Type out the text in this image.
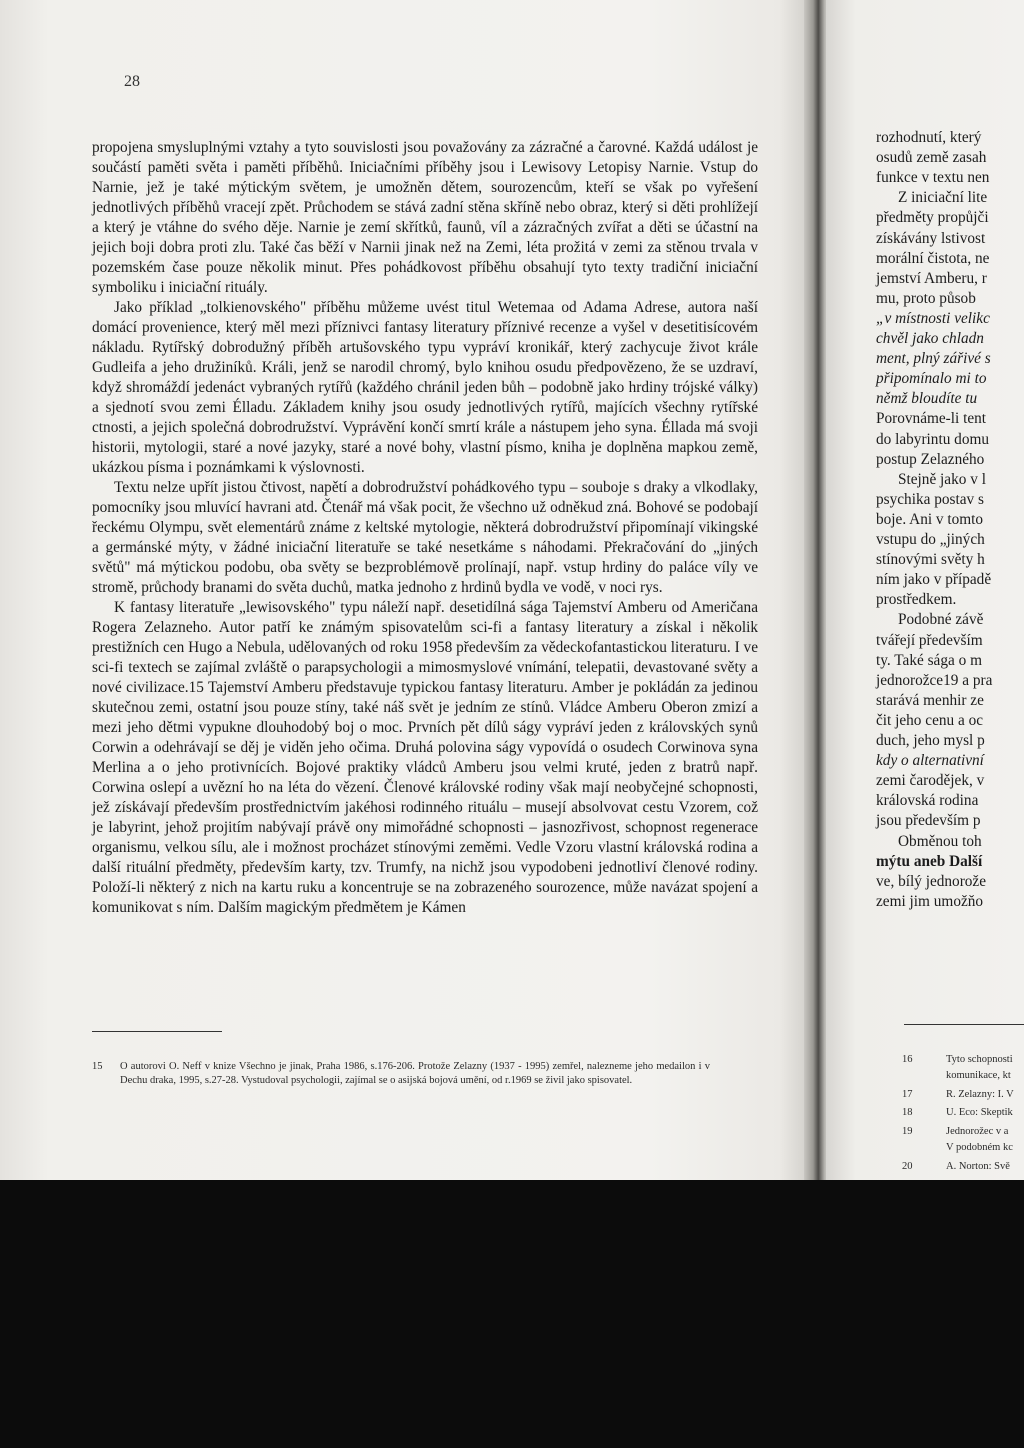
28

propojena smysluplnými vztahy a tyto souvislosti jsou považovány za zázračné a čarovné. Každá událost je součástí paměti světa i paměti příběhů. Iniciačními příběhy jsou i Lewisovy Letopisy Narnie. Vstup do Narnie, jež je také mýtickým světem, je umožněn dětem, sourozencům, kteří se však po vyřešení jednotlivých příběhů vracejí zpět. Průchodem se stává zadní stěna skříně nebo obraz, který si děti prohlížejí a který je vtáhne do svého děje. Narnie je zemí skřítků, faunů, víl a zázračných zvířat a děti se účastní na jejich boji dobra proti zlu. Také čas běží v Narnii jinak než na Zemi, léta prožitá v zemi za stěnou trvala v pozemském čase pouze několik minut. Přes pohádkovost příběhu obsahují tyto texty tradiční iniciační symboliku i iniciační rituály.

Jako příklad „tolkienovského" příběhu můžeme uvést titul Wetemaa od Adama Adrese, autora naší domácí provenience, který měl mezi příznivci fantasy literatury příznivé recenze a vyšel v desetitisícovém nákladu. Rytířský dobrodužný příběh artušovského typu vypráví kronikář, který zachycuje život krále Gudleifa a jeho družiníků. Králi, jenž se narodil chromý, bylo knihou osudu předpovězeno, že se uzdraví, když shromáždí jedenáct vybraných rytířů (každého chránil jeden bůh – podobně jako hrdiny trójské války) a sjednotí svou zemi Élladu. Základem knihy jsou osudy jednotlivých rytířů, majících všechny rytířské ctnosti, a jejich společná dobrodružství. Vyprávění končí smrtí krále a nástupem jeho syna. Éllada má svoji historii, mytologii, staré a nové jazyky, staré a nové bohy, vlastní písmo, kniha je doplněna mapkou země, ukázkou písma i poznámkami k výslovnosti.

Textu nelze upřít jistou čtivost, napětí a dobrodružství pohádkového typu – souboje s draky a vlkodlaky, pomocníky jsou mluvící havrani atd. Čtenář má však pocit, že všechno už odněkud zná. Bohové se podobají řeckému Olympu, svět elementárů známe z keltské mytologie, některá dobrodružství připomínají vikingské a germánské mýty, v žádné iniciační literatuře se také nesetkáme s náhodami. Překračování do „jiných světů" má mýtickou podobu, oba světy se bezproblémově prolínají, např. vstup hrdiny do paláce víly ve stromě, průchody branami do světa duchů, matka jednoho z hrdinů bydla ve vodě, v noci rys.

K fantasy literatuře „lewisovského" typu náleží např. desetidílná sága Tajemství Amberu od Američana Rogera Zelazneho. Autor patří ke známým spisovatelům sci-fi a fantasy literatury a získal i několik prestižních cen Hugo a Nebula, udělovaných od roku 1958 především za vědeckofantastickou literaturu. I ve sci-fi textech se zajímal zvláště o parapsychologii a mimosmyslové vnímání, telepatii, devastované světy a nové civilizace.15 Tajemství Amberu představuje typickou fantasy literaturu. Amber je pokládán za jedinou skutečnou zemi, ostatní jsou pouze stíny, také náš svět je jedním ze stínů. Vládce Amberu Oberon zmizí a mezi jeho dětmi vypukne dlouhodobý boj o moc. Prvních pět dílů ságy vypráví jeden z královských synů Corwin a odehrávají se děj je viděn jeho očima. Druhá polovina ságy vypovídá o osudech Corwinova syna Merlina a o jeho protivnících. Bojové praktiky vládců Amberu jsou velmi kruté, jeden z bratrů např. Corwina oslepí a uvězní ho na léta do vězení. Členové královské rodiny však mají neobyčejné schopnosti, jež získávají především prostřednictvím jakéhosi rodinného rituálu – musejí absolvovat cestu Vzorem, což je labyrint, jehož projitím nabývají právě ony mimořádné schopnosti – jasnozřivost, schopnost regenerace organismu, velkou sílu, ale i možnost procházet stínovými zeměmi. Vedle Vzoru vlastní královská rodina a další rituální předměty, především karty, tzv. Trumfy, na nichž jsou vypodobeni jednotliví členové rodiny. Položí-li některý z nich na kartu ruku a koncentruje se na zobrazeného sourozence, může navázat spojení a komunikovat s ním. Dalším magickým předmětem je Kámen

15 O autorovi O. Neff v knize Všechno je jinak, Praha 1986, s.176-206. Protože Zelazny (1937 - 1995) zemřel, nalezneme jeho medailon i v Dechu draka, 1995, s.27-28. Vystudoval psychologii, zajímal se o asijská bojová umění, od r.1969 se živil jako spisovatel.
rozhodnutí, který
osudů země zasah
funkce v textu nen
Z iniciační lite
předměty propůjči
získávány lstivost
morální čistota, ne
jemství Amberu, r
mu, proto působ
„v místnosti velikc
chvěl jako chladn
ment, plný zářivé s
připomínalo mi to
němž bloudíte tu
Porovnáme-li tent
do labyrintu domu
postup Zelazného
Stejně jako v l
psychika postav s
boje. Ani v tomto
vstupu do „jiných
stínovými světy h
ním jako v případě
prostředkem.
Podobné závě
tvářejí především
ty. Také sága o m
jednorožce19 a pra
starává menhir ze
čit jeho cenu a oc
duch, jeho mysl p
kdy o alternativní
zemi čarodějek, v
královská rodina
jsou především p
Obměnou toh
mýtu aneb Další
ve, bílý jednorože
zemi jim umožňo
16	Tyto schopnosti
komunikace, kt
17	R. Zelazny: I. V
18	U. Eco: Skeptik
19	Jednorožec v a
V podobném kc
20	A. Norton: Svě
